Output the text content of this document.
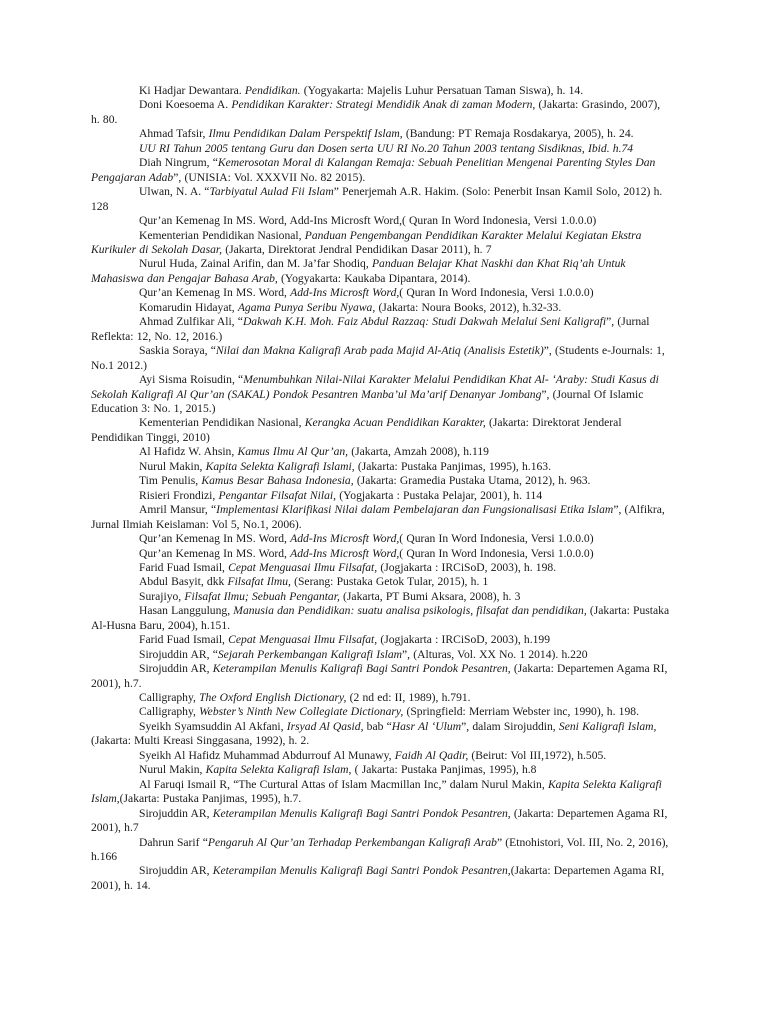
Ki Hadjar Dewantara. Pendidikan. (Yogyakarta: Majelis Luhur Persatuan Taman Siswa), h. 14.

Doni Koesoema A. Pendidikan Karakter: Strategi Mendidik Anak di zaman Modern, (Jakarta: Grasindo, 2007), h. 80.

Ahmad Tafsir, Ilmu Pendidikan Dalam Perspektif Islam, (Bandung: PT Remaja Rosdakarya, 2005), h. 24.

UU RI Tahun 2005 tentang Guru dan Dosen serta UU RI No.20 Tahun 2003 tentang Sisdiknas, Ibid. h.74

Diah Ningrum, “Kemerosotan Moral di Kalangan Remaja: Sebuah Penelitian Mengenai Parenting Styles Dan Pengajaran Adab”, (UNISIA: Vol. XXXVII No. 82 2015).

Ulwan, N. A. “Tarbiyatul Aulad Fii Islam” Penerjemah A.R. Hakim. (Solo: Penerbit Insan Kamil Solo, 2012) h. 128

Qur’an Kemenag In MS. Word, Add-Ins Microsft Word,( Quran In Word Indonesia, Versi 1.0.0.0)

Kementerian Pendidikan Nasional, Panduan Pengembangan Pendidikan Karakter Melalui Kegiatan Ekstra Kurikuler di Sekolah Dasar, (Jakarta, Direktorat Jendral Pendidikan Dasar 2011), h. 7

Nurul Huda, Zainal Arifin, dan M. Ja’far Shodiq, Panduan Belajar Khat Naskhi dan Khat Riq’ah Untuk Mahasiswa dan Pengajar Bahasa Arab, (Yogyakarta: Kaukaba Dipantara, 2014).

Qur’an Kemenag In MS. Word, Add-Ins Microsft Word,( Quran In Word Indonesia, Versi 1.0.0.0)

Komarudin Hidayat, Agama Punya Seribu Nyawa, (Jakarta: Noura Books, 2012), h.32-33.

Ahmad Zulfikar Ali, “Dakwah K.H. Moh. Faiz Abdul Razzaq: Studi Dakwah Melalui Seni Kaligrafi”, (Jurnal Reflekta: 12, No. 12, 2016.)

Saskia Soraya, “Nilai dan Makna Kaligrafi Arab pada Majid Al-Atiq (Analisis Estetik)”, (Students e-Journals: 1, No.1 2012.)

Ayi Sisma Roisudin, “Menumbuhkan Nilai-Nilai Karakter Melalui Pendidikan Khat Al- ‘Araby: Studi Kasus di Sekolah Kaligrafi Al Qur’an (SAKAL) Pondok Pesantren Manba’ul Ma’arif Denanyar Jombang”, (Journal Of Islamic Education 3: No. 1, 2015.)

Kementerian Pendidikan Nasional, Kerangka Acuan Pendidikan Karakter, (Jakarta: Direktorat Jenderal Pendidikan Tinggi, 2010)

Al Hafidz W. Ahsin, Kamus Ilmu Al Qur’an, (Jakarta, Amzah 2008), h.119

Nurul Makin, Kapita Selekta Kaligrafi Islami, (Jakarta: Pustaka Panjimas, 1995), h.163.

Tim Penulis, Kamus Besar Bahasa Indonesia, (Jakarta: Gramedia Pustaka Utama, 2012), h. 963.

Risieri Frondizi, Pengantar Filsafat Nilai, (Yogjakarta : Pustaka Pelajar, 2001), h. 114

Amril Mansur, “Implementasi Klarifikasi Nilai dalam Pembelajaran dan Fungsionalisasi Etika Islam”, (Alfikra, Jurnal Ilmiah Keislaman: Vol 5, No.1, 2006).

Qur’an Kemenag In MS. Word, Add-Ins Microsft Word,( Quran In Word Indonesia, Versi 1.0.0.0)

Qur’an Kemenag In MS. Word, Add-Ins Microsft Word,( Quran In Word Indonesia, Versi 1.0.0.0)

Farid Fuad Ismail, Cepat Menguasai Ilmu Filsafat, (Jogjakarta : IRCiSoD, 2003), h. 198.

Abdul Basyit, dkk Filsafat Ilmu, (Serang: Pustaka Getok Tular, 2015), h. 1

Surajiyo, Filsafat Ilmu; Sebuah Pengantar, (Jakarta, PT Bumi Aksara, 2008), h. 3

Hasan Langgulung, Manusia dan Pendidikan: suatu analisa psikologis, filsafat dan pendidikan, (Jakarta: Pustaka Al-Husna Baru, 2004), h.151.

Farid Fuad Ismail, Cepat Menguasai Ilmu Filsafat, (Jogjakarta : IRCiSoD, 2003), h.199

Sirojuddin AR, “Sejarah Perkembangan Kaligrafi Islam”, (Alturas, Vol. XX No. 1 2014). h.220

Sirojuddin AR, Keterampilan Menulis Kaligrafi Bagi Santri Pondok Pesantren, (Jakarta: Departemen Agama RI, 2001), h.7.

Calligraphy, The Oxford English Dictionary, (2 nd ed: II, 1989), h.791.

Calligraphy, Webster’s Ninth New Collegiate Dictionary, (Springfield: Merriam Webster inc, 1990), h. 198.

Syeikh Syamsuddin Al Akfani, Irsyad Al Qasid, bab “Hasr Al ‘Ulum”, dalam Sirojuddin, Seni Kaligrafi Islam, (Jakarta: Multi Kreasi Singgasana, 1992), h. 2.

Syeikh Al Hafidz Muhammad Abdurrouf Al Munawy, Faidh Al Qadir, (Beirut: Vol III,1972), h.505.

Nurul Makin, Kapita Selekta Kaligrafi Islam, ( Jakarta: Pustaka Panjimas, 1995), h.8

Al Faruqi Ismail R, “The Curtural Attas of Islam Macmillan Inc,” dalam Nurul Makin, Kapita Selekta Kaligrafi Islam,(Jakarta: Pustaka Panjimas, 1995), h.7.

Sirojuddin AR, Keterampilan Menulis Kaligrafi Bagi Santri Pondok Pesantren, (Jakarta: Departemen Agama RI, 2001), h.7

Dahrun Sarif “Pengaruh Al Qur’an Terhadap Perkembangan Kaligrafi Arab” (Etnohistori, Vol. III, No. 2, 2016), h.166

Sirojuddin AR, Keterampilan Menulis Kaligrafi Bagi Santri Pondok Pesantren,(Jakarta: Departemen Agama RI, 2001), h. 14.
